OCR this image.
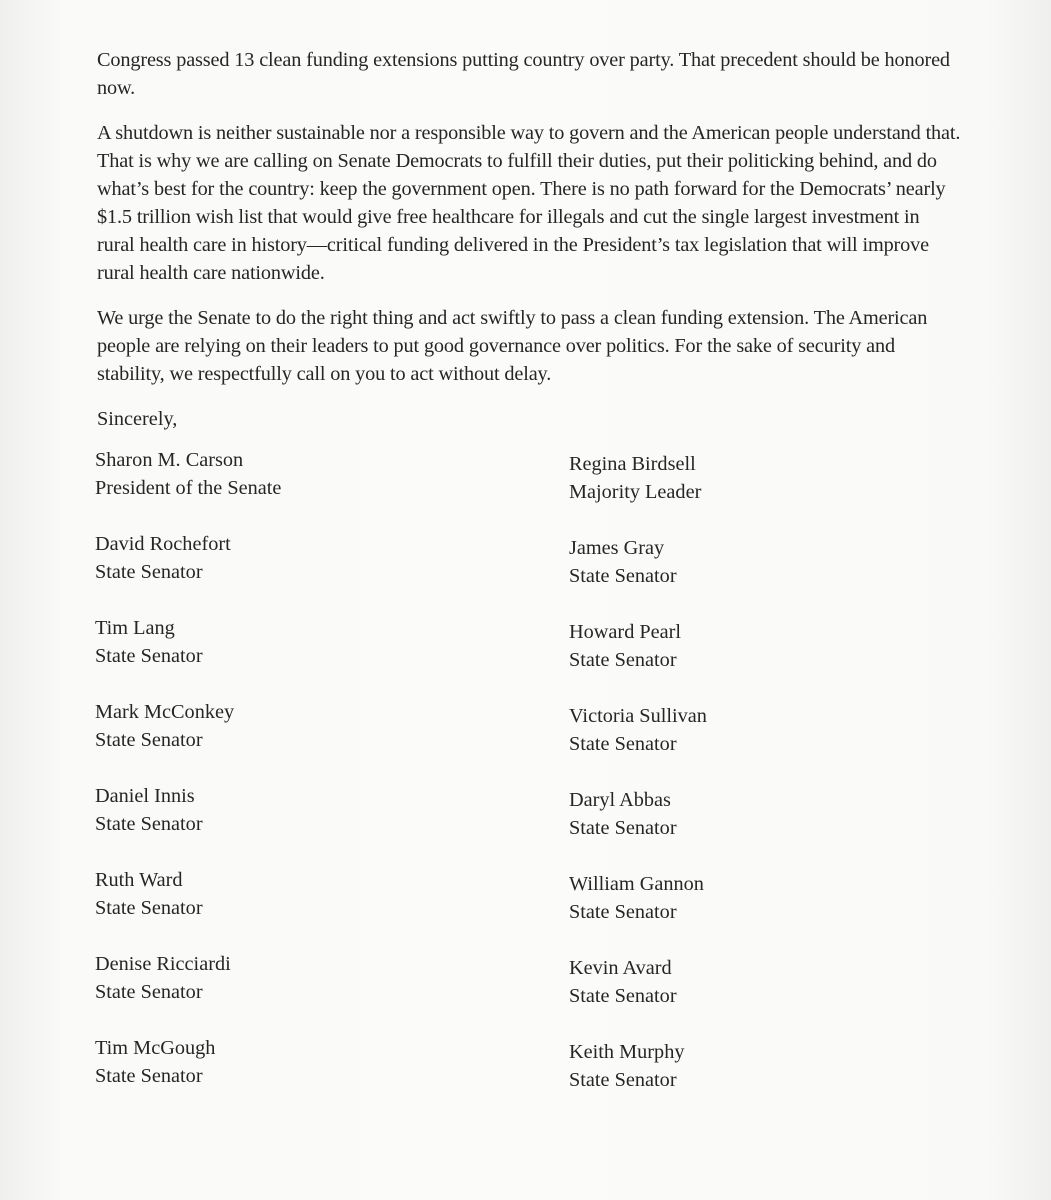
Congress passed 13 clean funding extensions putting country over party. That precedent should be honored now.

A shutdown is neither sustainable nor a responsible way to govern and the American people understand that. That is why we are calling on Senate Democrats to fulfill their duties, put their politicking behind, and do what’s best for the country: keep the government open. There is no path forward for the Democrats’ nearly $1.5 trillion wish list that would give free healthcare for illegals and cut the single largest investment in rural health care in history—critical funding delivered in the President’s tax legislation that will improve rural health care nationwide.

We urge the Senate to do the right thing and act swiftly to pass a clean funding extension. The American people are relying on their leaders to put good governance over politics. For the sake of security and stability, we respectfully call on you to act without delay.

Sincerely,
Sharon M. Carson
President of the Senate
David Rochefort
State Senator
Tim Lang
State Senator
Mark McConkey
State Senator
Daniel Innis
State Senator
Ruth Ward
State Senator
Denise Ricciardi
State Senator
Tim McGough
State Senator
Regina Birdsell
Majority Leader
James Gray
State Senator
Howard Pearl
State Senator
Victoria Sullivan
State Senator
Daryl Abbas
State Senator
William Gannon
State Senator
Kevin Avard
State Senator
Keith Murphy
State Senator
